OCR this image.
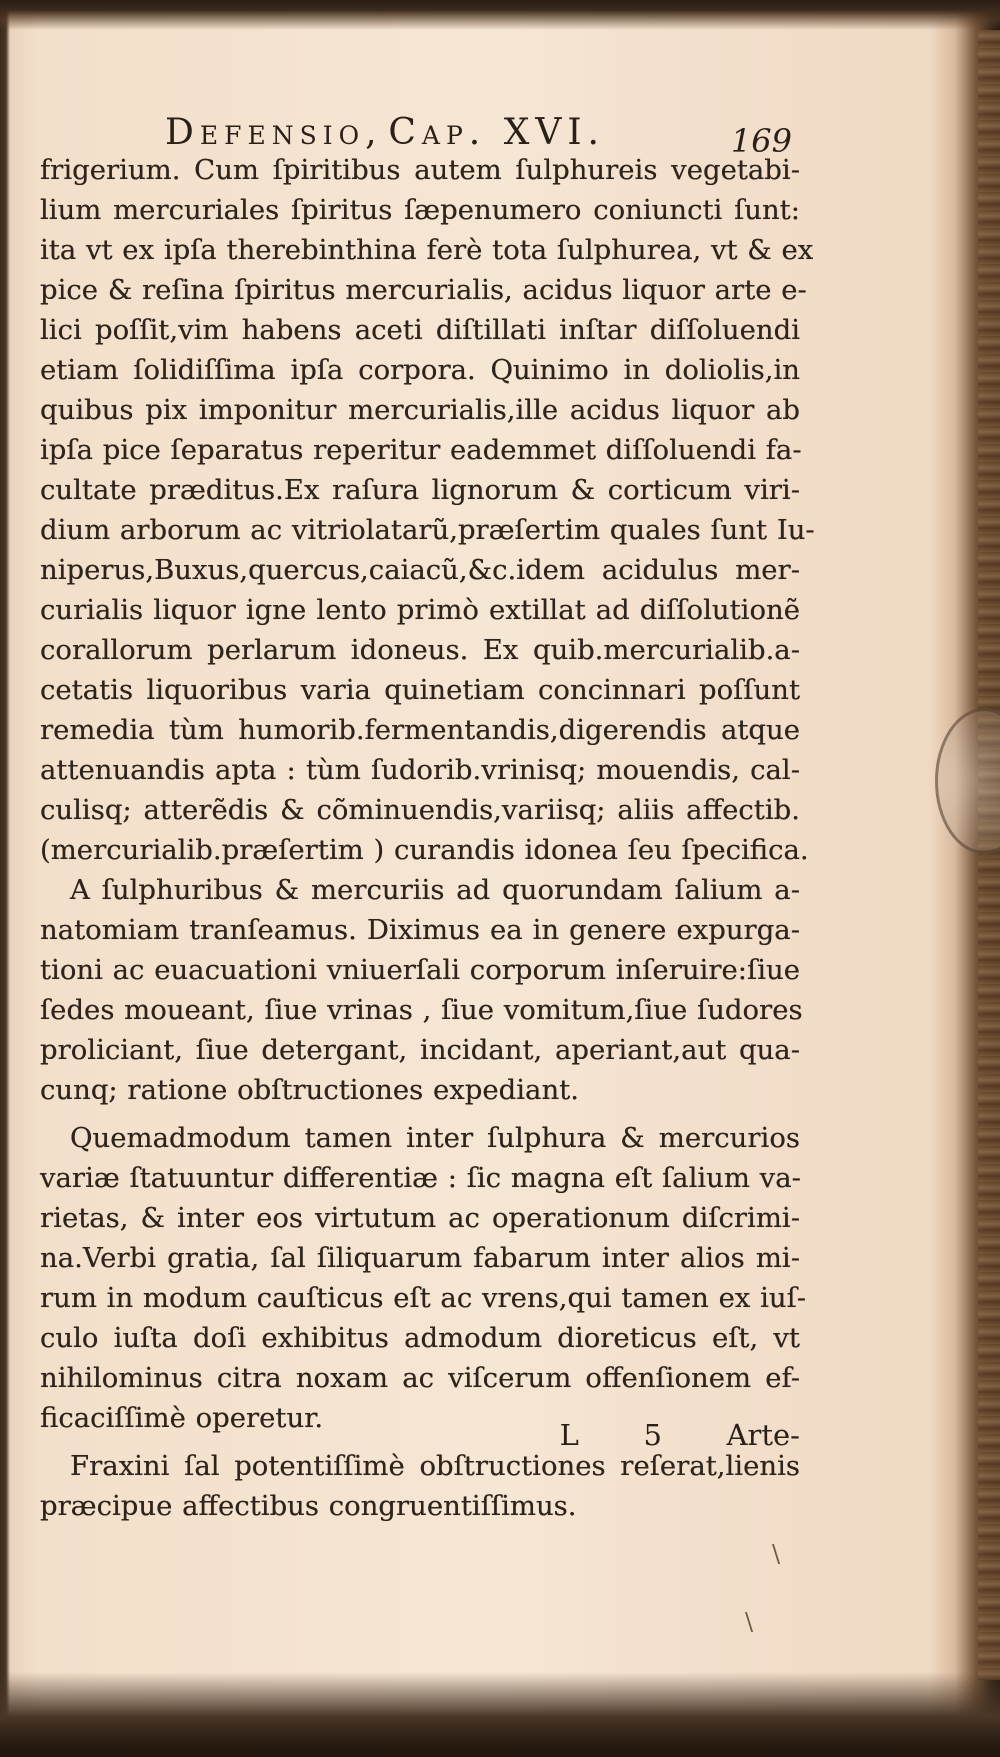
Defensio, Cap. XVI.	169
frigerium. Cum ſpiritibus autem ſulphureis vegetabi-
lium mercuriales ſpiritus ſæpenumero coniuncti ſunt:
ita vt ex ipſa therebinthina ferè tota ſulphurea, vt & ex
pice & reſina ſpiritus mercurialis, acidus liquor arte e-
lici poſſit,vim habens aceti diſtillati inſtar diſſoluendi
etiam ſolidiſſima ipſa corpora. Quinimo in doliolis,in
quibus pix imponitur mercurialis,ille acidus liquor ab
ipſa pice ſeparatus reperitur eademmet diſſoluendi fa-
cultate præditus.Ex raſura lignorum & corticum viri-
dium arborum ac vitriolatarũ,præſertim quales ſunt Iu-
niperus,Buxus,quercus,caiacũ,&c.idem acidulus mer-
curialis liquor igne lento primò extillat ad diſſolutionẽ
corallorum perlarum idoneus. Ex quib.mercurialib.a-
cetatis liquoribus varia quinetiam concinnari poſſunt
remedia tùm humorib.fermentandis,digerendis atque
attenuandis apta : tùm ſudorib.vrinisq; mouendis, cal-
culisq; atterẽdis & cõminuendis,variisq; aliis affectib.
(mercurialib.præſertim ) curandis idonea ſeu ſpecifica.
A ſulphuribus & mercuriis ad quorundam ſalium a-
natomiam tranſeamus. Diximus ea in genere expurga-
tioni ac euacuationi vniuerſali corporum inſeruire:ſiue
ſedes moueant, ſiue vrinas , ſiue vomitum,ſiue ſudores
proliciant, ſiue detergant, incidant, aperiant,aut qua-
cunq; ratione obſtructiones expediant.
Quemadmodum tamen inter ſulphura & mercurios
variæ ſtatuuntur differentiæ : ſic magna eſt ſalium va-
rietas, & inter eos virtutum ac operationum diſcrimi-
na.Verbi gratia, ſal ſiliquarum fabarum inter alios mi-
rum in modum cauſticus eſt ac vrens,qui tamen ex iuſ-
culo iuſta doſi exhibitus admodum dioreticus eſt, vt
nihilominus citra noxam ac viſcerum offenſionem ef-
ficaciſſimè operetur.
Fraxini ſal potentiſſimè obſtructiones reſerat,lienis
præcipue affectibus congruentiſſimus.
L 5 Arte-
\
\
